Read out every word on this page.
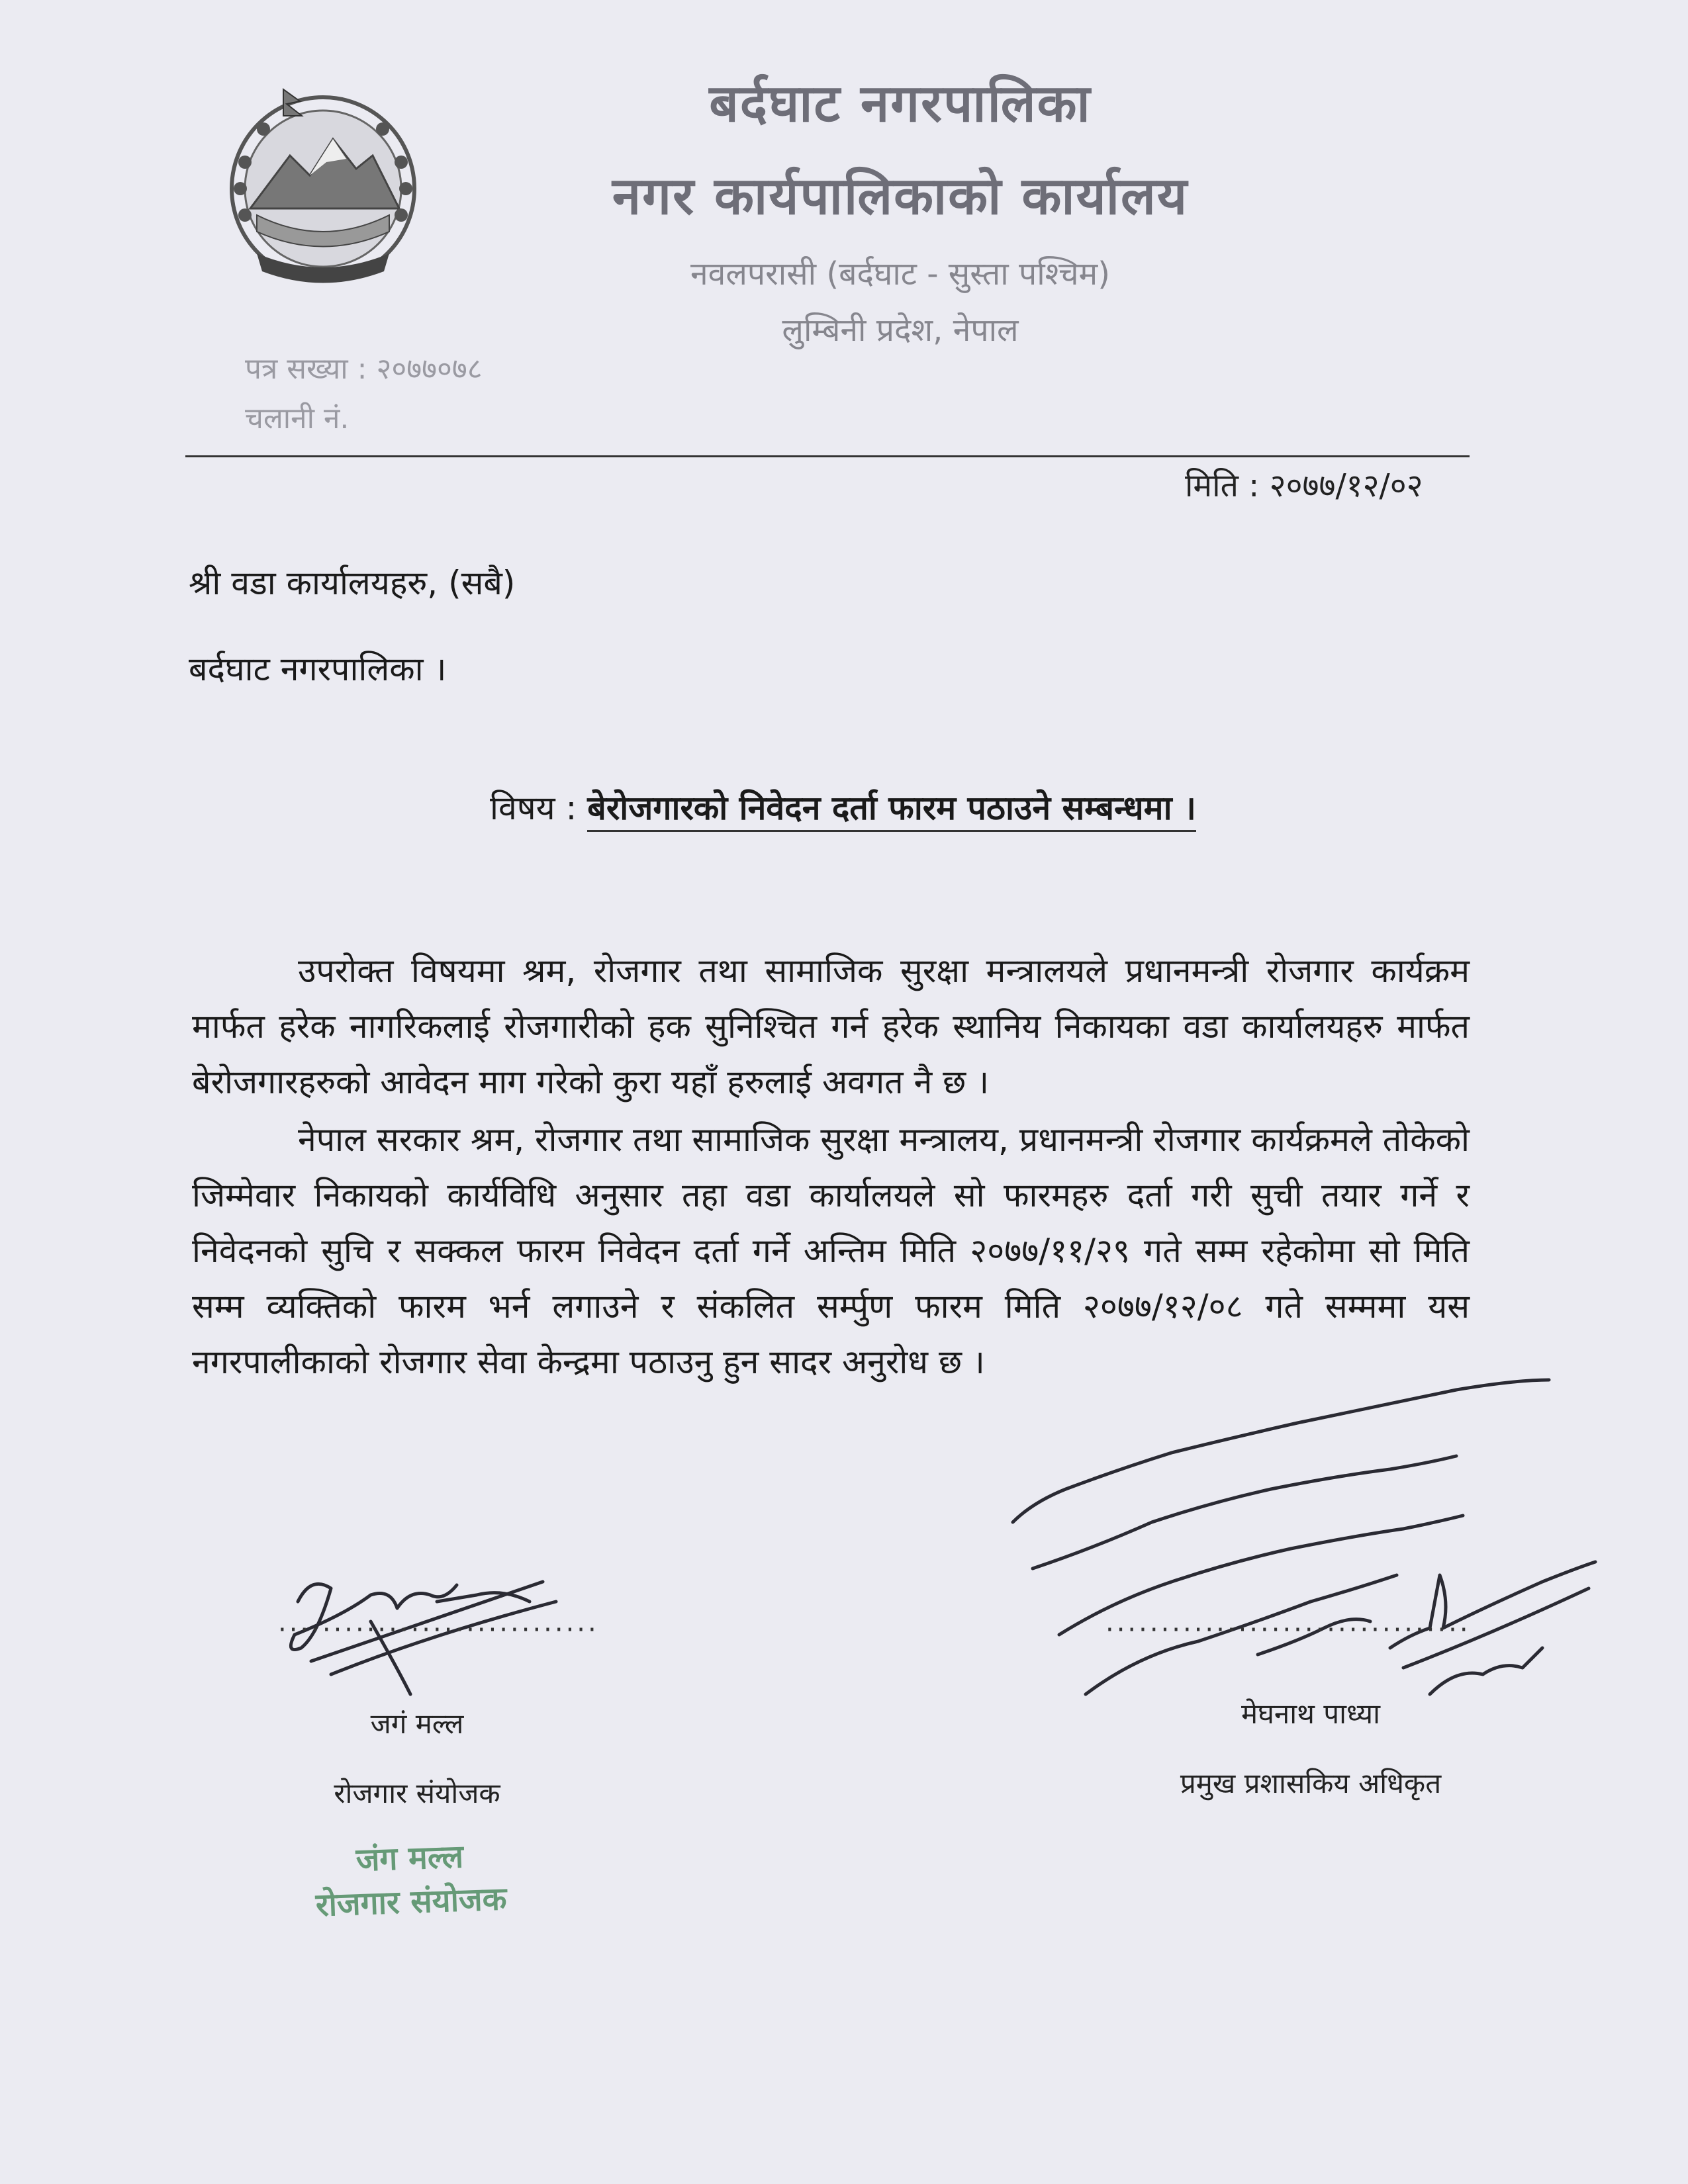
बर्दघाट नगरपालिका
नगर कार्यपालिकाको कार्यालय
नवलपरासी (बर्दघाट - सुस्ता पश्चिम)
लुम्बिनी प्रदेश, नेपाल
पत्र सख्या : २०७७०७८
चलानी नं.
मिति : २०७७/१२/०२
श्री वडा कार्यालयहरु, (सबै)
बर्दघाट नगरपालिका ।
विषय : बेरोजगारको निवेदन दर्ता फारम पठाउने सम्बन्धमा ।

उपरोक्त विषयमा श्रम, रोजगार तथा सामाजिक सुरक्षा मन्त्रालयले प्रधानमन्त्री रोजगार कार्यक्रम मार्फत हरेक नागरिकलाई रोजगारीको हक सुनिश्चित गर्न हरेक स्थानिय निकायका वडा कार्यालयहरु मार्फत बेरोजगारहरुको आवेदन माग गरेको कुरा यहाँ हरुलाई अवगत नै छ ।

नेपाल सरकार श्रम, रोजगार तथा सामाजिक सुरक्षा मन्त्रालय, प्रधानमन्त्री रोजगार कार्यक्रमले तोकेको जिम्मेवार निकायको कार्यविधि अनुसार तहा वडा कार्यालयले सो फारमहरु दर्ता गरी सुची तयार गर्ने र निवेदनको सुचि र सक्कल फारम निवेदन दर्ता गर्ने अन्तिम मिति २०७७/११/२९ गते सम्म रहेकोमा सो मिति सम्म व्यक्तिको फारम भर्न लगाउने र संकलित सर्म्पुण फारम मिति २०७७/१२/०८ गते सम्ममा यस नगरपालीकाको रोजगार सेवा केन्द्रमा पठाउनु हुन सादर अनुरोध छ ।

·····························	·································
जगं मल्ल
रोजगार संयोजक
मेघनाथ पाध्या
प्रमुख प्रशासकिय अधिकृत
जंग मल्ल
रोजगार संयोजक
